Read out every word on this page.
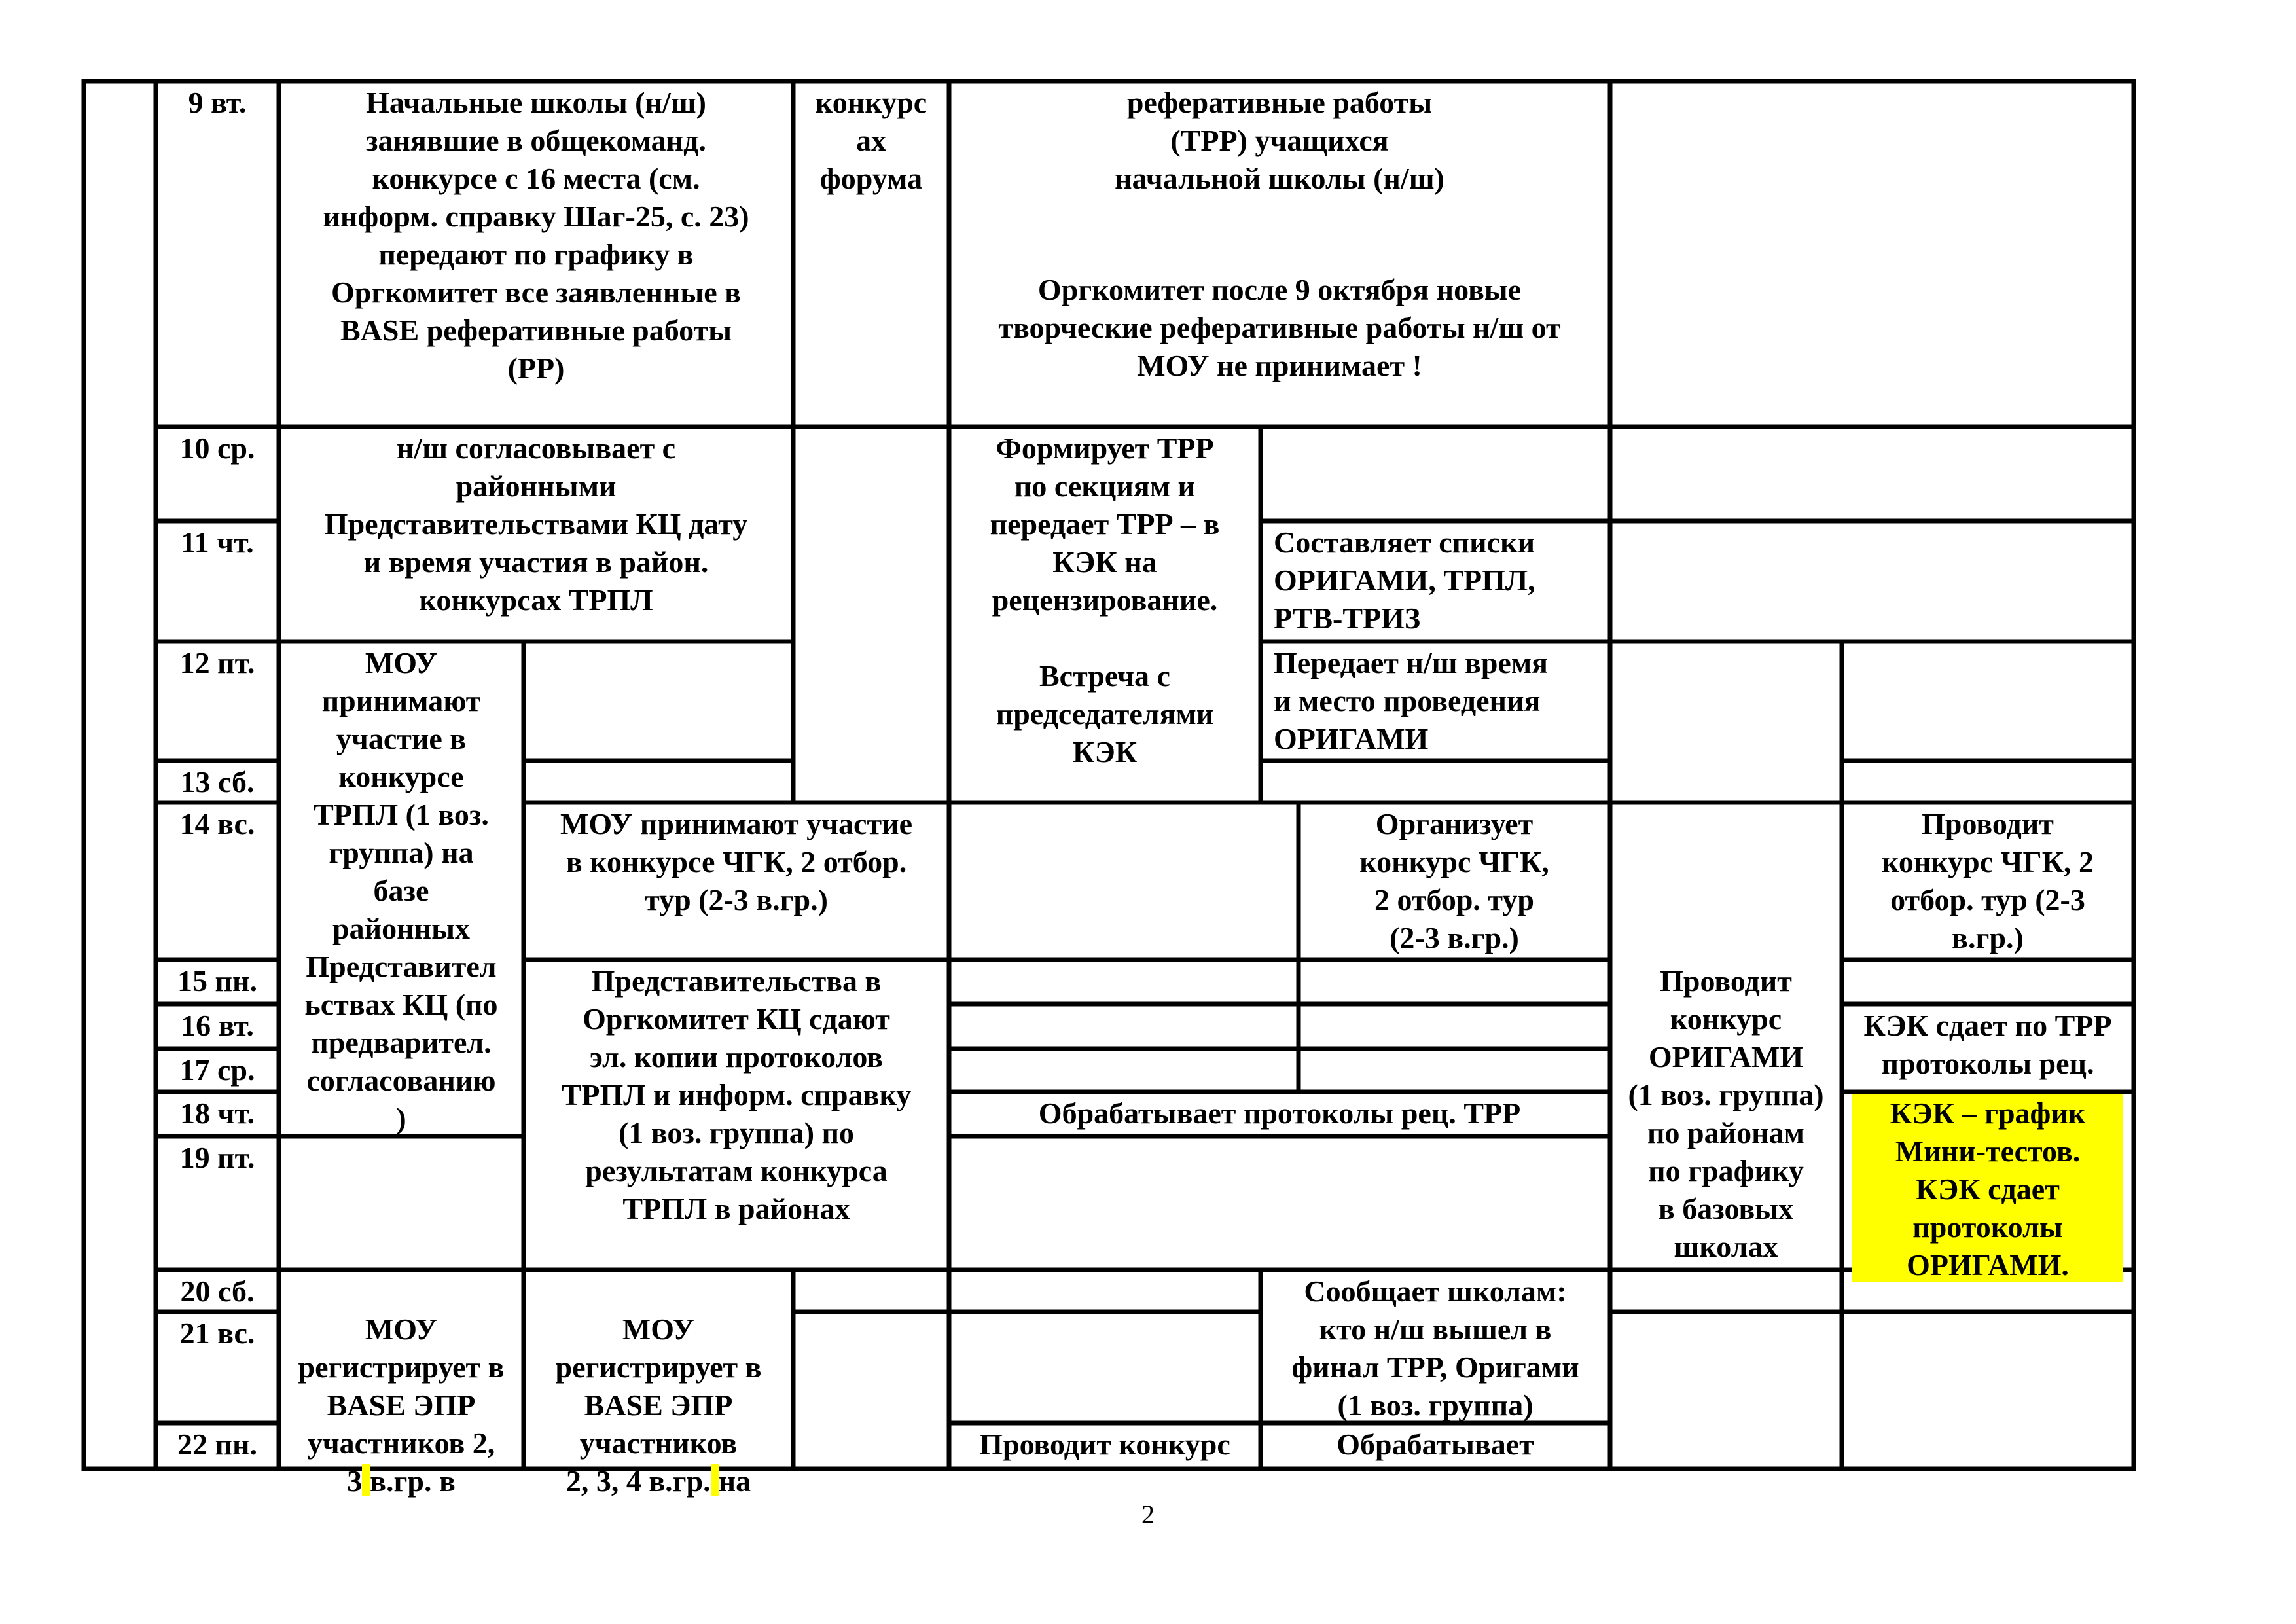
9 вт.
10 ср.
11 чт.
12 пт.
13 сб.
14 вс.
15 пн.
16 вт.
17 ср.
18 чт.
19 пт.
20 сб.
21 вс.
22 пн.
Начальные школы (н/ш)
занявшие в общекоманд.
конкурсе с 16 места (см.
информ. справку Шаг-25, с. 23)
передают по графику в
Оргкомитет все заявленные в
BASE реферативные работы
(РР)
конкурс
ах
форума
реферативные работы
(ТРР) учащихся
начальной школы (н/ш)
Оргкомитет после 9 октября новые
творческие реферативные работы н/ш от
МОУ не принимает !
н/ш согласовывает с
районными
Представительствами КЦ дату
и время участия в район.
конкурсах ТРПЛ
Формирует ТРР
по секциям и
передает ТРР – в
КЭК на
рецензирование.

Встреча с
председателями
КЭК
Составляет списки
ОРИГАМИ, ТРПЛ,
РТВ-ТРИЗ
Передает н/ш время
и место проведения
ОРИГАМИ
МОУ
принимают
участие в
конкурсе
ТРПЛ (1 воз.
группа) на
базе
районных
Представител
ьствах КЦ (по
предварител.
согласованию
)
МОУ принимают участие
в конкурсе ЧГК, 2 отбор.
тур (2-3 в.гр.)
Организует
конкурс ЧГК,
2 отбор. тур
(2-3 в.гр.)
Проводит
конкурс ЧГК, 2
отбор. тур (2-3
в.гр.)
Представительства в
Оргкомитет КЦ сдают
эл. копии протоколов
ТРПЛ и информ. справку
(1 воз. группа) по
результатам конкурса
ТРПЛ в районах
Проводит
конкурс
ОРИГАМИ
(1 воз. группа)
по районам
по графику
в базовых
школах
КЭК сдает по ТРР
протоколы рец.
Обрабатывает протоколы рец. ТРР	КЭК – график
Мини-тестов.
КЭК сдает
протоколы
ОРИГАМИ.

МОУ
регистрирует в
BASE ЭПР
участников 2,

3 в.гр. в

МОУ
регистрирует в
BASE ЭПР
участников

2, 3, 4 в.гр. на

Сообщает школам:
кто н/ш вышел в
финал ТРР, Оригами
(1 воз. группа)
Проводит конкурс	Обрабатывает
2
